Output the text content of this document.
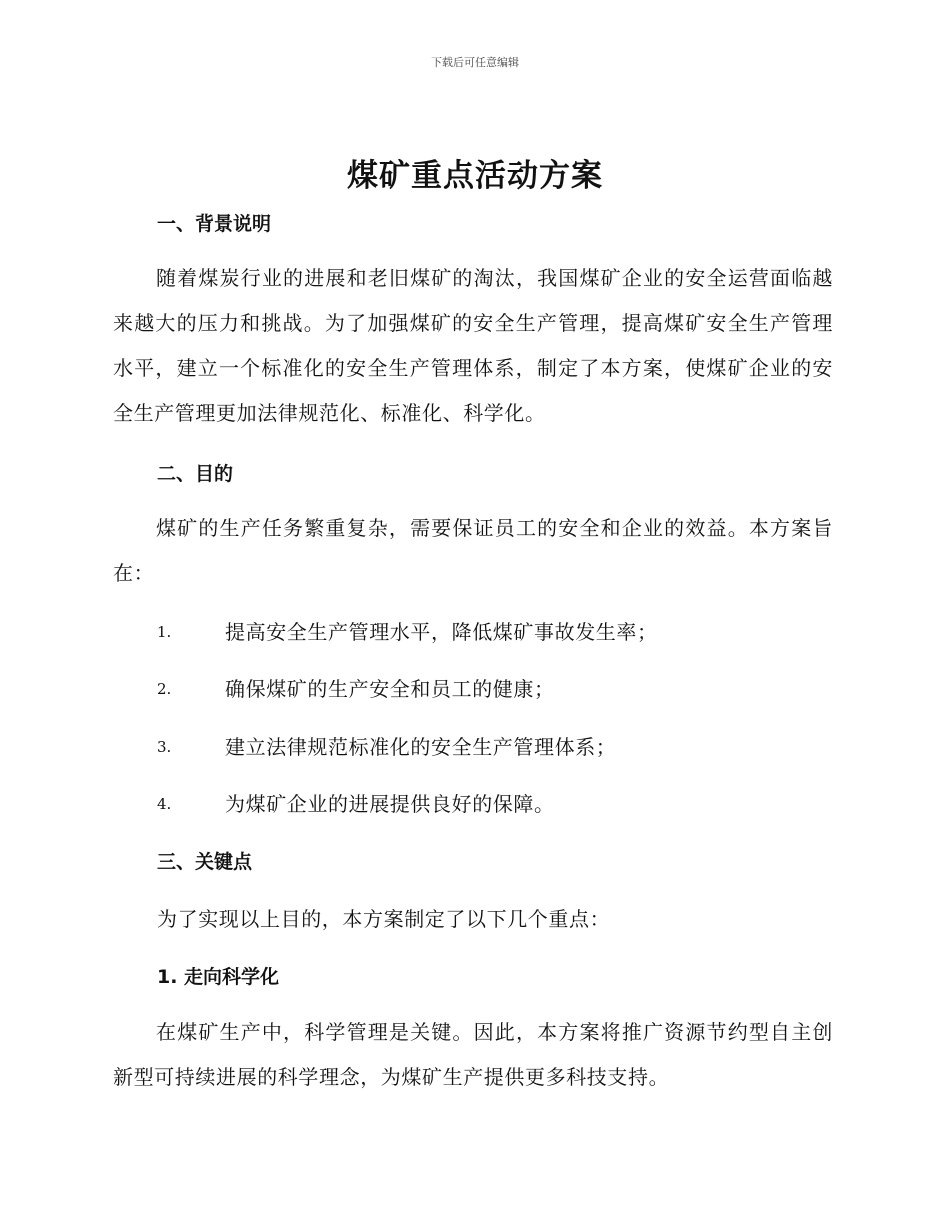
下载后可任意编辑
煤矿重点活动方案
一、背景说明

随着煤炭行业的进展和老旧煤矿的淘汰，我国煤矿企业的安全运营面临越来越大的压力和挑战。为了加强煤矿的安全生产管理，提高煤矿安全生产管理水平，建立一个标准化的安全生产管理体系，制定了本方案，使煤矿企业的安全生产管理更加法律规范化、标准化、科学化。

二、目的

煤矿的生产任务繁重复杂，需要保证员工的安全和企业的效益。本方案旨在：

1.	提高安全生产管理水平，降低煤矿事故发生率；
2.	确保煤矿的生产安全和员工的健康；
3.	建立法律规范标准化的安全生产管理体系；
4.	为煤矿企业的进展提供良好的保障。
三、关键点

为了实现以上目的，本方案制定了以下几个重点：

1. 走向科学化

在煤矿生产中，科学管理是关键。因此，本方案将推广资源节约型自主创新型可持续进展的科学理念，为煤矿生产提供更多科技支持。
